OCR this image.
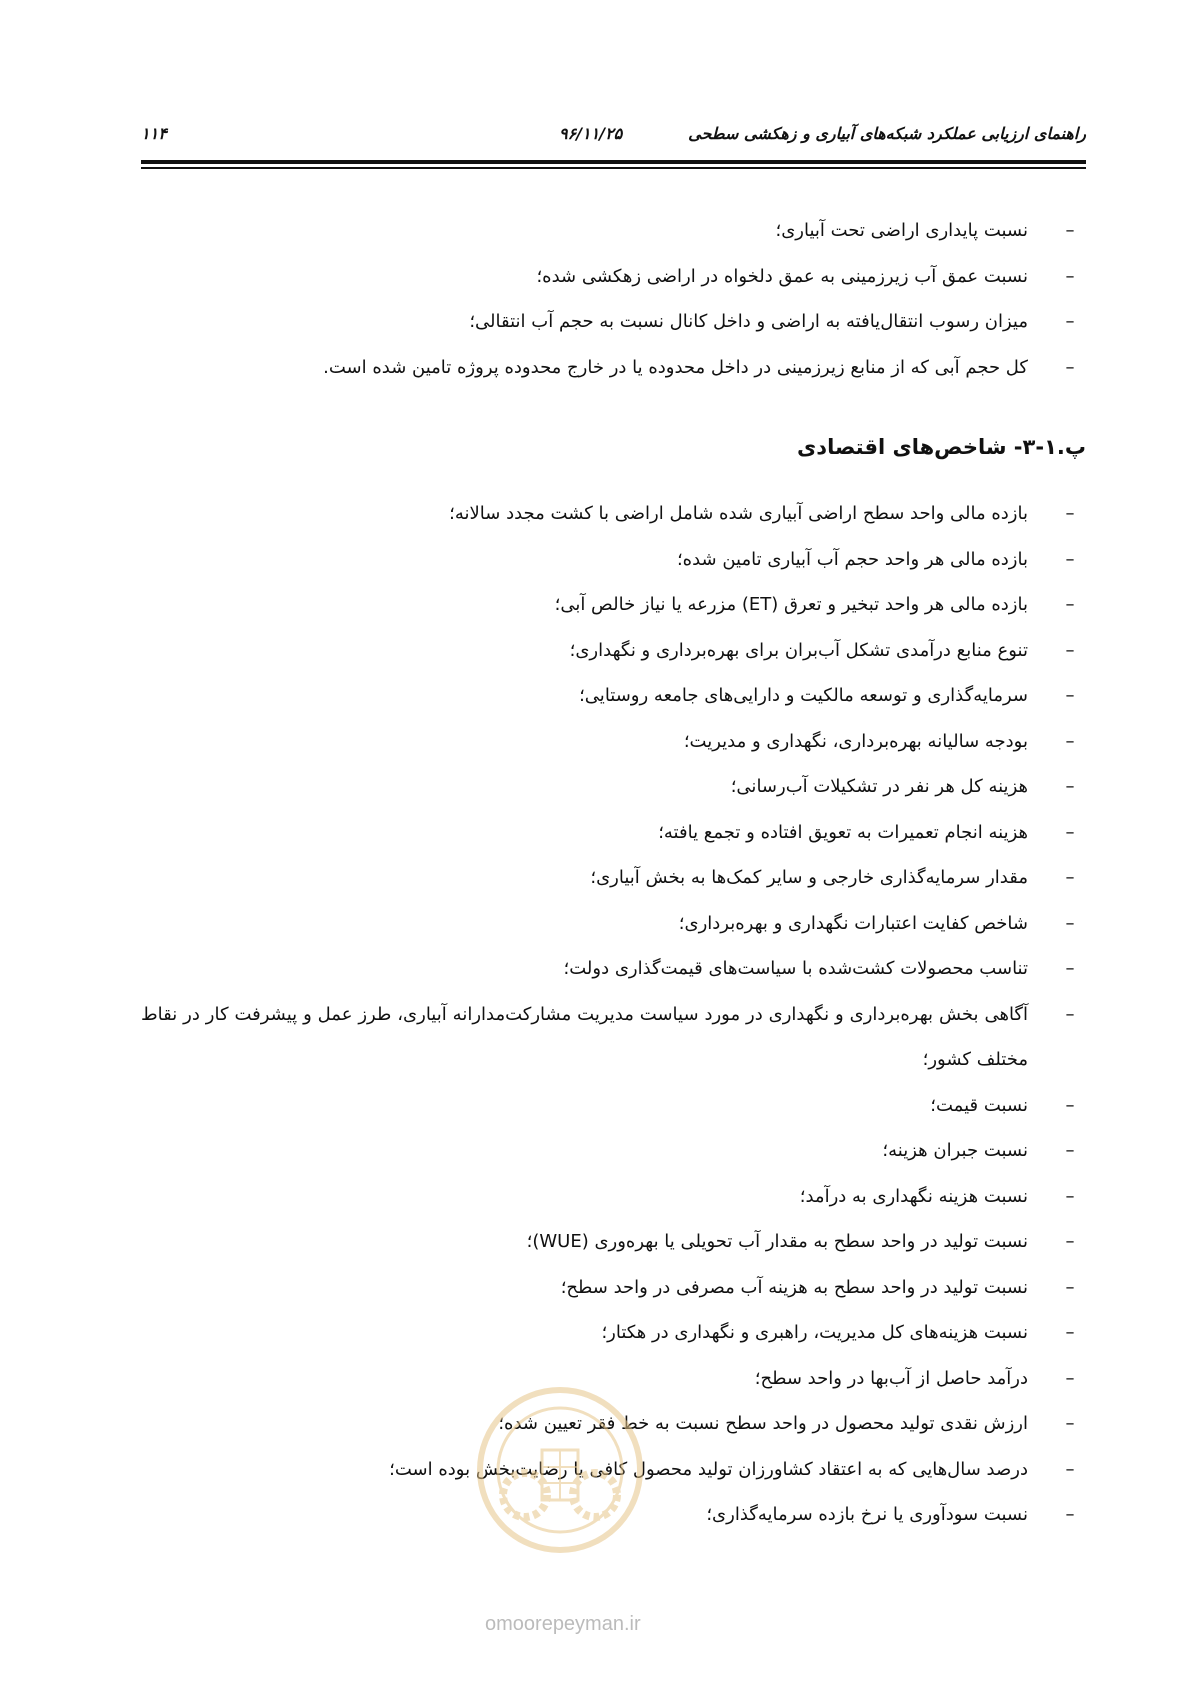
۱۱۴	۹۶/۱۱/۲۵	راهنمای ارزیابی عملکرد شبکه‌های آبیاری و زهکشی سطحی
–
نسبت پایداری اراضی تحت آبیاری؛
–
نسبت عمق آب زیرزمینی به عمق دلخواه در اراضی زهکشی شده؛
–
میزان رسوب انتقال‌یافته به اراضی و داخل کانال نسبت به حجم آب انتقالی؛
–
کل حجم آبی که از منابع زیرزمینی در داخل محدوده یا در خارج محدوده پروژه تامین شده است.
پ.۱-۳- شاخص‌های اقتصادی
–
بازده مالی واحد سطح اراضی آبیاری شده شامل اراضی با کشت مجدد سالانه؛
–
بازده مالی هر واحد حجم آب آبیاری تامین شده؛
–
بازده مالی هر واحد تبخیر و تعرق (ET) مزرعه یا نیاز خالص آبی؛
–
تنوع منابع درآمدی تشکل آب‌بران برای بهره‌برداری و نگهداری؛
–
سرمایه‌گذاری و توسعه مالکیت و دارایی‌های جامعه روستایی؛
–
بودجه سالیانه بهره‌برداری، نگهداری و مدیریت؛
–
هزینه کل هر نفر در تشکیلات آب‌رسانی؛
–
هزینه انجام تعمیرات به تعویق افتاده و تجمع یافته؛
–
مقدار سرمایه‌گذاری خارجی و سایر کمک‌ها به بخش آبیاری؛
–
شاخص کفایت اعتبارات نگهداری و بهره‌برداری؛
–
تناسب محصولات کشت‌شده با سیاست‌های قیمت‌گذاری دولت؛
–
آگاهی بخش بهره‌برداری و نگهداری در مورد سیاست مدیریت مشارکت‌مدارانه آبیاری، طرز عمل و پیشرفت کار در نقاط مختلف کشور؛
–
نسبت قیمت؛
–
نسبت جبران هزینه؛
–
نسبت هزینه نگهداری به درآمد؛
–
نسبت تولید در واحد سطح به مقدار آب تحویلی یا بهره‌وری (WUE)؛
–
نسبت تولید در واحد سطح به هزینه آب مصرفی در واحد سطح؛
–
نسبت هزینه‌های کل مدیریت، راهبری و نگهداری در هکتار؛
–
درآمد حاصل از آب‌بها در واحد سطح؛
–
ارزش نقدی تولید محصول در واحد سطح نسبت به خط فقر تعیین شده؛
–
درصد سال‌هایی که به اعتقاد کشاورزان تولید محصول کافی یا رضایت‌بخش بوده است؛
–
نسبت سودآوری یا نرخ بازده سرمایه‌گذاری؛
omoorepeyman.ir
